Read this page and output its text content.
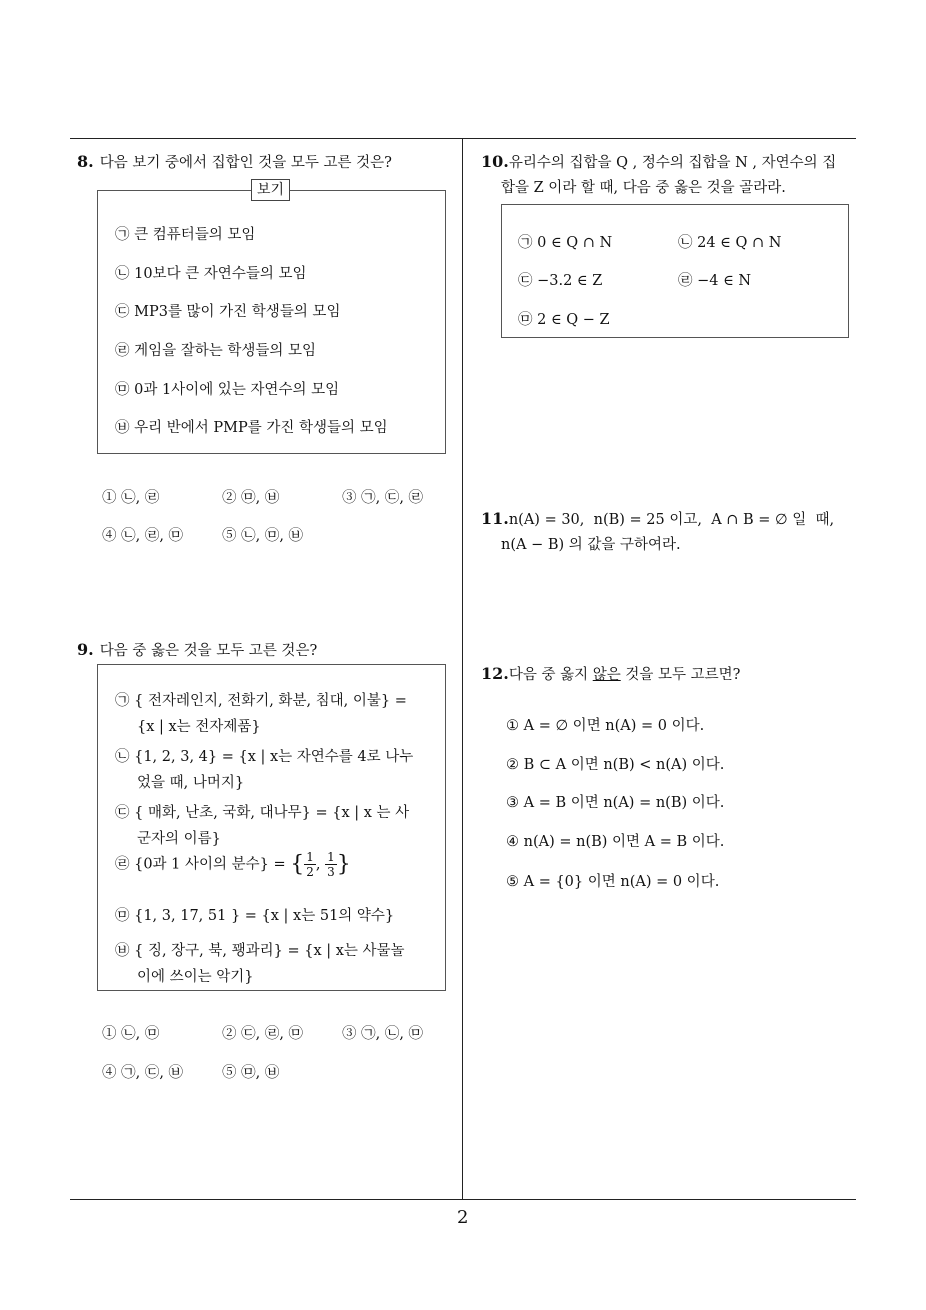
8. 다음 보기 중에서 집합인 것을 모두 고른 것은?
보기
㉠ 큰 컴퓨터들의 모임
㉡ 10보다 큰 자연수들의 모임
㉢ MP3를 많이 가진 학생들의 모임
㉣ 게임을 잘하는 학생들의 모임
㉤ 0과 1사이에 있는 자연수의 모임
㉥ 우리 반에서 PMP를 가진 학생들의 모임
① ㉡, ㉣	② ㉤, ㉥	③ ㉠, ㉢, ㉣
④ ㉡, ㉣, ㉤	⑤ ㉡, ㉤, ㉥
9. 다음 중 옳은 것을 모두 고른 것은?
㉠ { 전자레인지, 전화기, 화분, 침대, 이불} =
{x | x는 전자제품}
㉡ {1, 2, 3, 4} = {x | x는 자연수를 4로 나누
었을 때, 나머지}
㉢ { 매화, 난초, 국화, 대나무} = {x | x 는 사
군자의 이름}
㉣ {0과 1 사이의 분수} = { $\frac{1}{2}$ , $\frac{1}{3}$ }
㉤ {1, 3, 17, 51 } = {x | x는 51의 약수}
㉥ { 징, 장구, 북, 꽹과리} = {x | x는 사물놀
이에 쓰이는 악기}
① ㉡, ㉤	② ㉢, ㉣, ㉤	③ ㉠, ㉡, ㉤
④ ㉠, ㉢, ㉥	⑤ ㉤, ㉥
10.유리수의 집합을 Q , 정수의 집합을 N , 자연수의 집
합을 Z 이라 할 때, 다음 중 옳은 것을 골라라.
㉠ 0 ∈ Q ∩ N	㉡ 24 ∈ Q ∩ N
㉢ −3.2 ∈ Z	㉣ −4 ∈ N
㉤ 2 ∈ Q − Z
11.n(A) = 30,  n(B) = 25 이고,  A ∩ B = ∅ 일  때,
n(A − B) 의 값을 구하여라.
12.다음 중 옳지 않은 것을 모두 고르면?
① A = ∅ 이면 n(A) = 0 이다.
② B ⊂ A 이면 n(B) < n(A) 이다.
③ A = B 이면 n(A) = n(B) 이다.
④ n(A) = n(B) 이면 A = B 이다.
⑤ A = {0} 이면 n(A) = 0 이다.
2
